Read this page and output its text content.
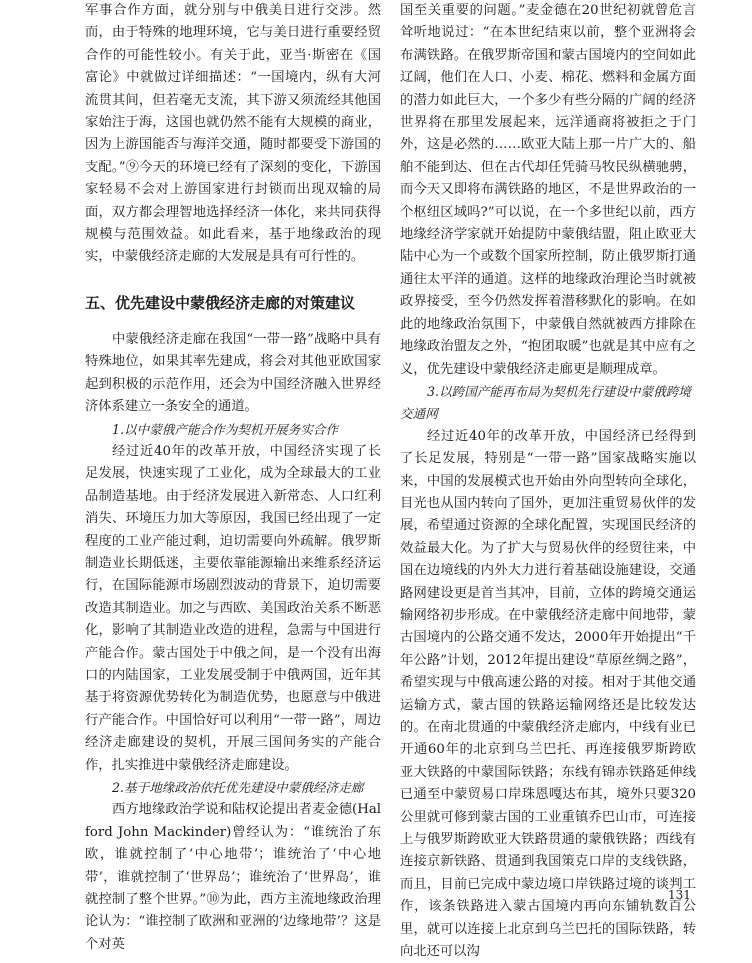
军事合作方面，就分别与中俄美日进行交涉。然而，由于特殊的地理环境，它与美日进行重要经贸合作的可能性较小。有关于此，亚当·斯密在《国富论》中就做过详细描述：“一国境内，纵有大河流贯其间，但若毫无支流，其下游又须流经其他国家始注于海，这国也就仍然不能有大规模的商业，因为上游国能否与海洋交通，随时都要受下游国的支配。”⑨今天的环境已经有了深刻的变化，下游国家轻易不会对上游国家进行封锁而出现双输的局面，双方都会理智地选择经济一体化，来共同获得规模与范围效益。如此看来，基于地缘政治的现实，中蒙俄经济走廊的大发展是具有可行性的。

五、优先建设中蒙俄经济走廊的对策建议

中蒙俄经济走廊在我国“一带一路”战略中具有特殊地位，如果其率先建成，将会对其他亚欧国家起到积极的示范作用，还会为中国经济融入世界经济体系建立一条安全的通道。

1.以中蒙俄产能合作为契机开展务实合作

经过近40年的改革开放，中国经济实现了长足发展，快速实现了工业化，成为全球最大的工业品制造基地。由于经济发展进入新常态、人口红利消失、环境压力加大等原因，我国已经出现了一定程度的工业产能过剩，迫切需要向外疏解。俄罗斯制造业长期低迷，主要依靠能源输出来维系经济运行，在国际能源市场剧烈波动的背景下，迫切需要改造其制造业。加之与西欧、美国政治关系不断恶化，影响了其制造业改造的进程，急需与中国进行产能合作。蒙古国处于中俄之间，是一个没有出海口的内陆国家，工业发展受制于中俄两国，近年其基于将资源优势转化为制造优势，也愿意与中俄进行产能合作。中国恰好可以利用“一带一路”，周边经济走廊建设的契机，开展三国间务实的产能合作，扎实推进中蒙俄经济走廊建设。

2.基于地缘政治依托优先建设中蒙俄经济走廊

西方地缘政治学说和陆权论提出者麦金德(Halford John Mackinder)曾经认为：“谁统治了东欧，谁就控制了‘中心地带’；谁统治了‘中心地带’，谁就控制了‘世界岛’；谁统治了‘世界岛’，谁就控制了整个世界。”⑩为此，西方主流地缘政治理论认为：“谁控制了欧洲和亚洲的‘边缘地带’？这是个对英

国至关重要的问题。”麦金德在20世纪初就曾危言耸听地说过：“在本世纪结束以前，整个亚洲将会布满铁路。在俄罗斯帝国和蒙古国境内的空间如此辽阔，他们在人口、小麦、棉花、燃料和金属方面的潜力如此巨大，一个多少有些分隔的广阔的经济世界将在那里发展起来，远洋通商将被拒之于门外，这是必然的……欧亚大陆上那一片广大的、船舶不能到达、但在古代却任凭骑马牧民纵横驰骋，而今天又即将布满铁路的地区，不是世界政治的一个枢纽区域吗?”可以说，在一个多世纪以前，西方地缘经济学家就开始提防中蒙俄结盟，阻止欧亚大陆中心为一个或数个国家所控制，防止俄罗斯打通通往太平洋的通道。这样的地缘政治理论当时就被政界接受，至今仍然发挥着潜移默化的影响。在如此的地缘政治氛围下，中蒙俄自然就被西方排除在地缘政治盟友之外，“抱团取暖”也就是其中应有之义，优先建设中蒙俄经济走廊更是顺理成章。

3.以跨国产能再布局为契机先行建设中蒙俄跨境交通网

经过近40年的改革开放，中国经济已经得到了长足发展，特别是“一带一路”国家战略实施以来，中国的发展模式也开始由外向型转向全球化，目光也从国内转向了国外，更加注重贸易伙伴的发展，希望通过资源的全球化配置，实现国民经济的效益最大化。为了扩大与贸易伙伴的经贸往来，中国在边境线的内外大力进行着基础设施建设，交通路网建设更是首当其冲，目前，立体的跨境交通运输网络初步形成。在中蒙俄经济走廊中间地带，蒙古国境内的公路交通不发达，2000年开始提出“千年公路”计划，2012年提出建设“草原丝绸之路”，希望实现与中俄高速公路的对接。相对于其他交通运输方式，蒙古国的铁路运输网络还是比较发达的。在南北贯通的中蒙俄经济走廊内，中线有业已开通60年的北京到乌兰巴托、再连接俄罗斯跨欧亚大铁路的中蒙国际铁路；东线有锦赤铁路延伸线已通至中蒙贸易口岸珠恩嘎达布其，境外只要320公里就可修到蒙古国的工业重镇乔巴山市，可连接上与俄罗斯跨欧亚大铁路贯通的蒙俄铁路；西线有连接京新铁路、贯通到我国策克口岸的支线铁路，而且，目前已完成中蒙边境口岸铁路过境的谈判工作，该条铁路进入蒙古国境内再向东铺轨数百公里，就可以连接上北京到乌兰巴托的国际铁路，转向北还可以沟

131
